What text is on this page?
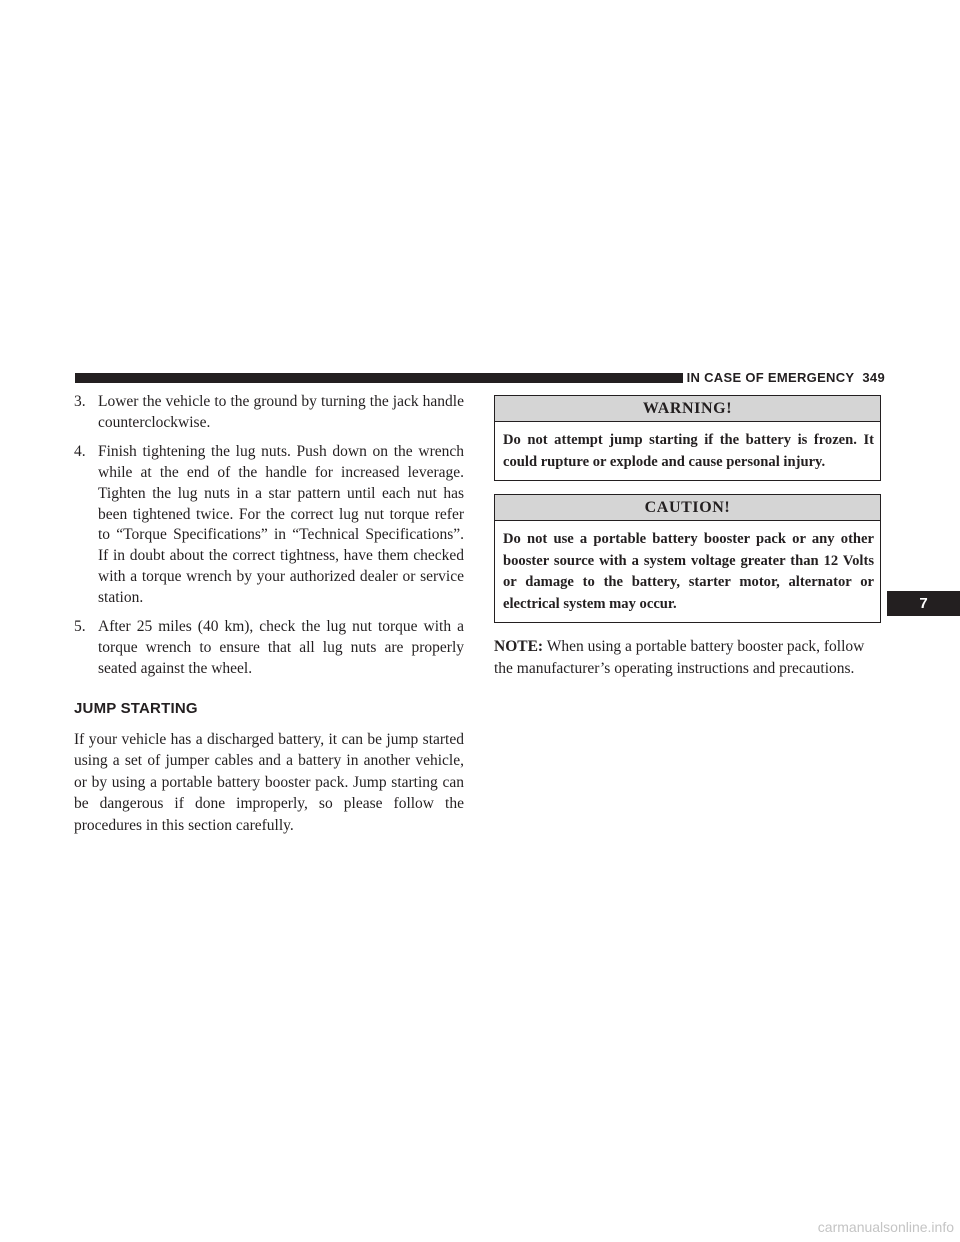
IN CASE OF EMERGENCY 349
3. Lower the vehicle to the ground by turning the jack handle counterclockwise.
4. Finish tightening the lug nuts. Push down on the wrench while at the end of the handle for increased leverage. Tighten the lug nuts in a star pattern until each nut has been tightened twice. For the correct lug nut torque refer to “Torque Specifications” in “Technical Specifications”. If in doubt about the correct tightness, have them checked with a torque wrench by your authorized dealer or service station.
5. After 25 miles (40 km), check the lug nut torque with a torque wrench to ensure that all lug nuts are properly seated against the wheel.
JUMP STARTING

If your vehicle has a discharged battery, it can be jump started using a set of jumper cables and a battery in another vehicle, or by using a portable battery booster pack. Jump starting can be dangerous if done improperly, so please follow the procedures in this section carefully.

WARNING!
Do not attempt jump starting if the battery is frozen. It could rupture or explode and cause personal injury.
CAUTION!
Do not use a portable battery booster pack or any other booster source with a system voltage greater than 12 Volts or damage to the battery, starter motor, alternator or electrical system may occur.

NOTE: When using a portable battery booster pack, follow the manufacturer’s operating instructions and precautions.

7
carmanualsonline.info
